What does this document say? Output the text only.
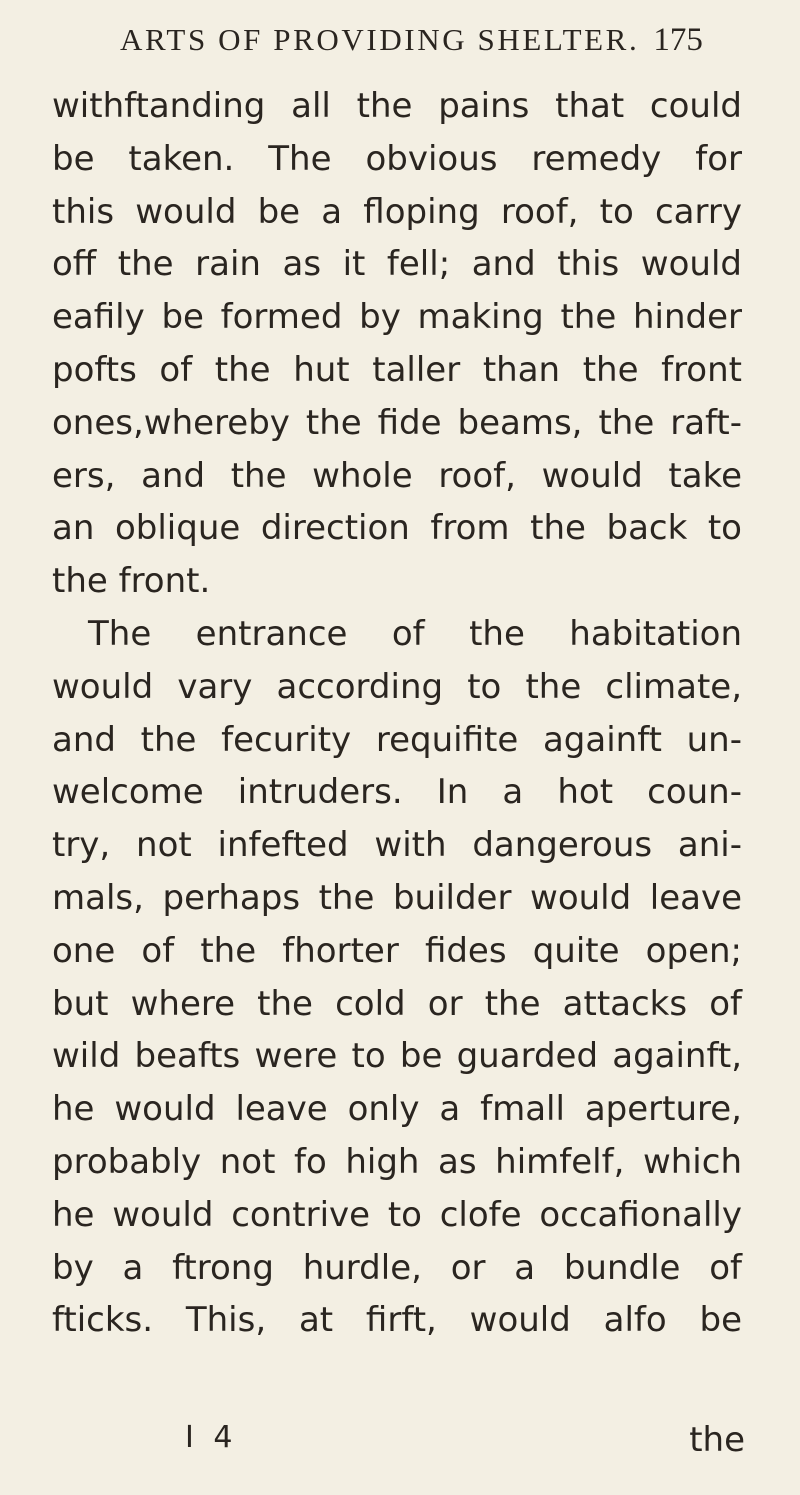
ARTS OF PROVIDING SHELTER. 175
withftanding all the pains that could
be taken. The obvious remedy for
this would be a floping roof, to carry
off the rain as it fell; and this would
eafily be formed by making the hinder
pofts of the hut taller than the front
ones,whereby the fide beams, the raft-
ers, and the whole roof, would take
an oblique direction from the back to
the front.
The entrance of the habitation
would vary according to the climate,
and the fecurity requifite againft un-
welcome intruders. In a hot coun-
try, not infefted with dangerous ani-
mals, perhaps the builder would leave
one of the fhorter fides quite open;
but where the cold or the attacks of
wild beafts were to be guarded againft,
he would leave only a fmall aperture,
probably not fo high as himfelf, which
he would contrive to clofe occafionally
by a ftrong hurdle, or a bundle of
fticks. This, at firft, would alfo be
I 4	the
